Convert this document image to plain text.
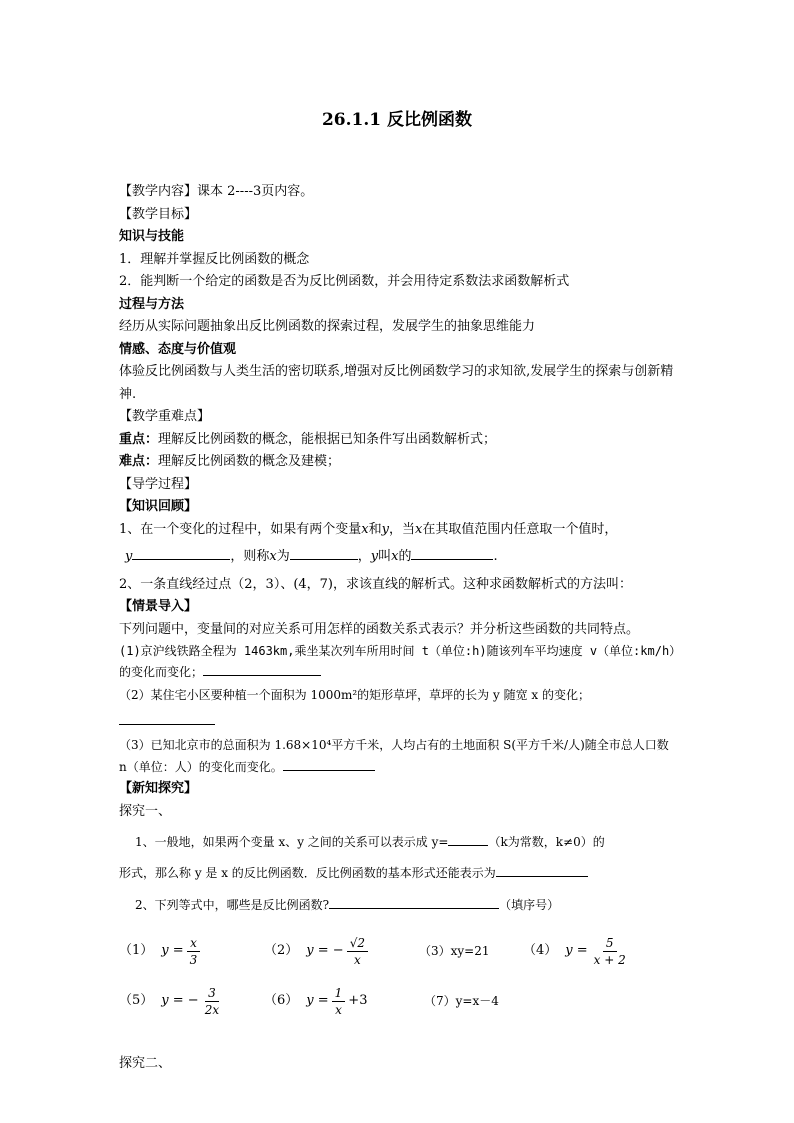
26.1.1 反比例函数
【教学内容】课本 2----3页内容。
【教学目标】
知识与技能
1．理解并掌握反比例函数的概念
2．能判断一个给定的函数是否为反比例函数，并会用待定系数法求函数解析式
过程与方法
经历从实际问题抽象出反比例函数的探索过程，发展学生的抽象思维能力
情感、态度与价值观
体验反比例函数与人类生活的密切联系,增强对反比例函数学习的求知欲,发展学生的探索与创新精神.
【教学重难点】
重点：理解反比例函数的概念，能根据已知条件写出函数解析式；
难点：理解反比例函数的概念及建模；
【导学过程】
【知识回顾】
1、在一个变化的过程中，如果有两个变量x和y，当x在其取值范围内任意取一个值时，
y	，则称x为	，y叫x的	.
2、一条直线经过点（2，3）、(4，7)，求该直线的解析式。这种求函数解析式的方法叫：
【情景导入】
下列问题中，变量间的对应关系可用怎样的函数关系式表示？并分析这些函数的共同特点。
(1)京沪线铁路全程为 1463km,乘坐某次列车所用时间 t（单位:h)随该列车平均速度 v（单位:km/h）的变化而变化；
（2）某住宅小区要种植一个面积为 1000m²的矩形草坪，草坪的长为 y 随宽 x 的变化；

（3）已知北京市的总面积为 1.68×10⁴平方千米，人均占有的土地面积 S(平方千米/人)随全市总人口数 n（单位：人）的变化而变化。
【新知探究】
探究一、
1、一般地，如果两个变量 x、y 之间的关系可以表示成 y=	（k为常数，k≠0）的
形式，那么称 y 是 x 的反比例函数．反比例函数的基本形式还能表示为
2、下列等式中，哪些是反比例函数?	（填序号）
（1） $y = \frac{x}{3}$	（2） y = − $\frac{√2}{x}$	（3）xy=21	（4） $y = \frac{5}{x + 2}$
（5） y = − $\frac{3}{2x}$	（6） $y = \frac{1}{x} +3$	（7）y=x－4
探究二、
